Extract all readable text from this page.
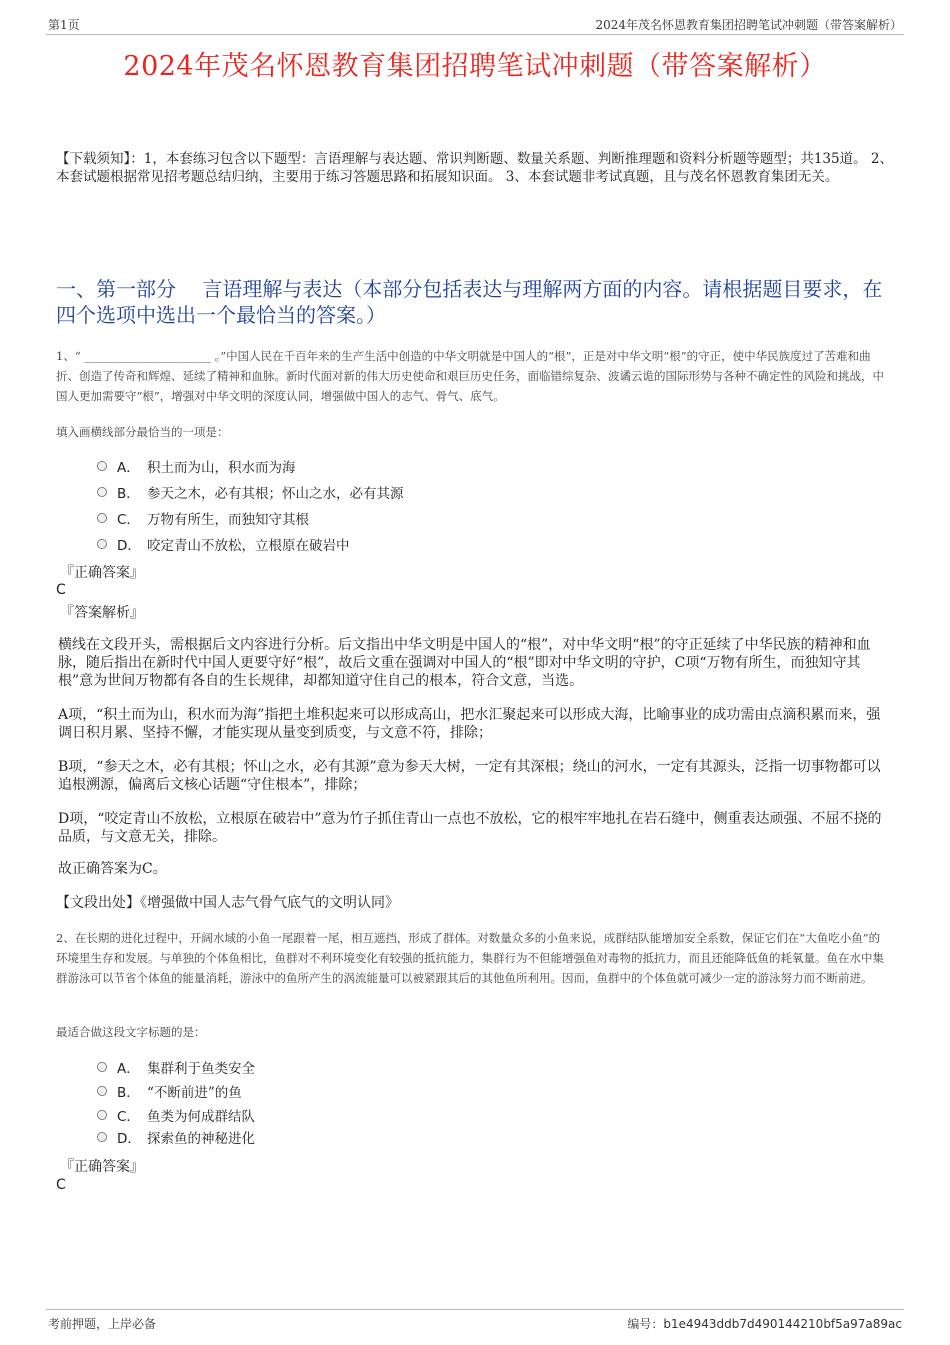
第1页	2024年茂名怀恩教育集团招聘笔试冲刺题（带答案解析）
2024年茂名怀恩教育集团招聘笔试冲刺题（带答案解析）
【下载须知】：1，本套练习包含以下题型：言语理解与表达题、常识判断题、数量关系题、判断推理题和资料分析题等题型；共135道。 2、本套试题根据常见招考题总结归纳，主要用于练习答题思路和拓展知识面。 3、本套试题非考试真题，且与茂名怀恩教育集团无关。
一、第一部分　 言语理解与表达（本部分包括表达与理解两方面的内容。请根据题目要求，在四个选项中选出一个最恰当的答案。）
1、“ ______________________ 。”中国人民在千百年来的生产生活中创造的中华文明就是中国人的“根”，正是对中华文明“根”的守正，使中华民族度过了苦难和曲折、创造了传奇和辉煌、延续了精神和血脉。新时代面对新的伟大历史使命和艰巨历史任务，面临错综复杂、波谲云诡的国际形势与各种不确定性的风险和挑战，中国人更加需要守“根”，增强对中华文明的深度认同，增强做中国人的志气、骨气、底气。
填入画横线部分最恰当的一项是：
A． 积土而为山，积水而为海
B． 参天之木，必有其根；怀山之水，必有其源
C． 万物有所生，而独知守其根
D． 咬定青山不放松，立根原在破岩中
『正确答案』
C
『答案解析』
横线在文段开头，需根据后文内容进行分析。后文指出中华文明是中国人的“根”，对中华文明“根”的守正延续了中华民族的精神和血脉，随后指出在新时代中国人更要守好“根”，故后文重在强调对中国人的“根”即对中华文明的守护，C项“万物有所生，而独知守其根”意为世间万物都有各自的生长规律，却都知道守住自己的根本，符合文意，当选。
A项，“积土而为山，积水而为海”指把土堆积起来可以形成高山，把水汇聚起来可以形成大海，比喻事业的成功需由点滴积累而来，强调日积月累、坚持不懈，才能实现从量变到质变，与文意不符，排除；
B项，“参天之木，必有其根；怀山之水，必有其源”意为参天大树，一定有其深根；绕山的河水，一定有其源头，泛指一切事物都可以追根溯源，偏离后文核心话题“守住根本”，排除；
D项，“咬定青山不放松，立根原在破岩中”意为竹子抓住青山一点也不放松，它的根牢牢地扎在岩石缝中，侧重表达顽强、不屈不挠的品质，与文意无关，排除。
故正确答案为C。
【文段出处】《增强做中国人志气骨气底气的文明认同》
2、在长期的进化过程中，开阔水域的小鱼一尾跟着一尾，相互遮挡，形成了群体。对数量众多的小鱼来说，成群结队能增加安全系数，保证它们在“大鱼吃小鱼”的环境里生存和发展。与单独的个体鱼相比，鱼群对不利环境变化有较强的抵抗能力，集群行为不但能增强鱼对毒物的抵抗力，而且还能降低鱼的耗氧量。鱼在水中集群游泳可以节省个体鱼的能量消耗，游泳中的鱼所产生的涡流能量可以被紧跟其后的其他鱼所利用。因而，鱼群中的个体鱼就可减少一定的游泳努力而不断前进。
最适合做这段文字标题的是：
A． 集群利于鱼类安全
B． “不断前进”的鱼
C． 鱼类为何成群结队
D． 探索鱼的神秘进化
『正确答案』
C
考前押题，上岸必备	编号：b1e4943ddb7d490144210bf5a97a89ac
